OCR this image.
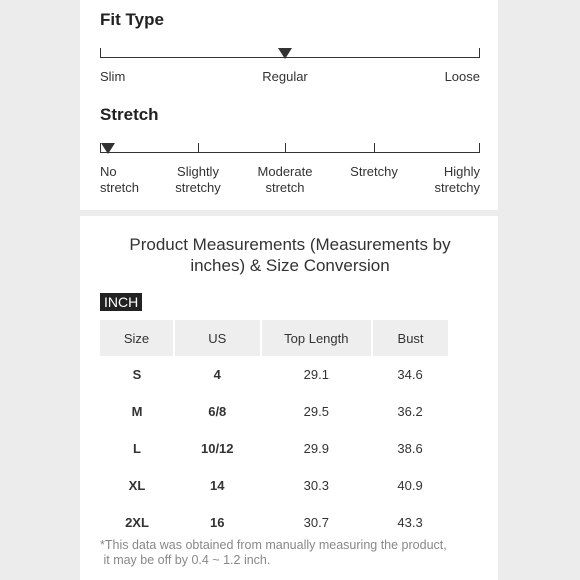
Fit Type
Slim	Regular	Loose
Stretch
No
stretch
Slightly
stretchy
Moderate
stretch
Stretchy	Highly
stretchy
Product Measurements (Measurements by
inches) & Size Conversion
INCH
Size	US	Top Length	Bust
S	4	29.1	34.6
M	6/8	29.5	36.2
L	10/12	29.9	38.6
XL	14	30.3	40.9
2XL	16	30.7	43.3
*This data was obtained from manually measuring the product,
it may be off by 0.4 ~ 1.2 inch.
